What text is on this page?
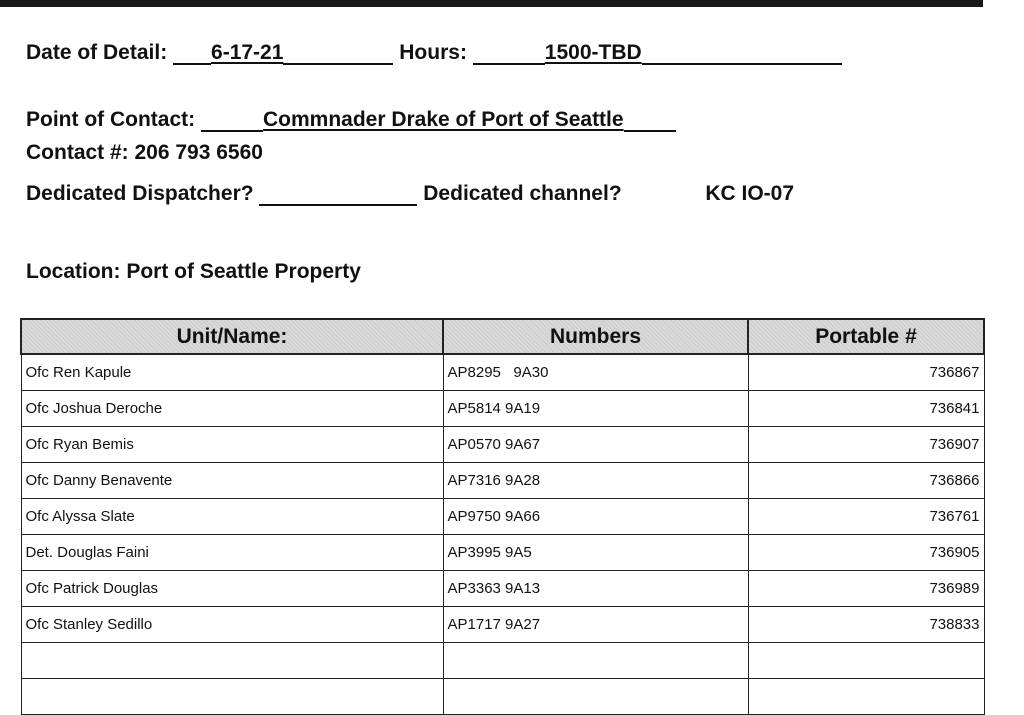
Date of Detail: 6-17-21	Hours:	1500-TBD
Point of Contact:	Commnader Drake of Port of Seattle
Contact #: 206 793 6560
Dedicated Dispatcher?	Dedicated channel?	KC IO-07
Location: Port of Seattle Property
Unit/Name:	Numbers	Portable #
Ofc Ren Kapule	AP8295   9A30	736867
Ofc Joshua Deroche	AP5814 9A19	736841
Ofc Ryan Bemis	AP0570 9A67	736907
Ofc Danny Benavente	AP7316 9A28	736866
Ofc Alyssa Slate	AP9750 9A66	736761
Det. Douglas Faini	AP3995 9A5	736905
Ofc Patrick Douglas	AP3363 9A13	736989
Ofc Stanley Sedillo	AP1717 9A27	738833
